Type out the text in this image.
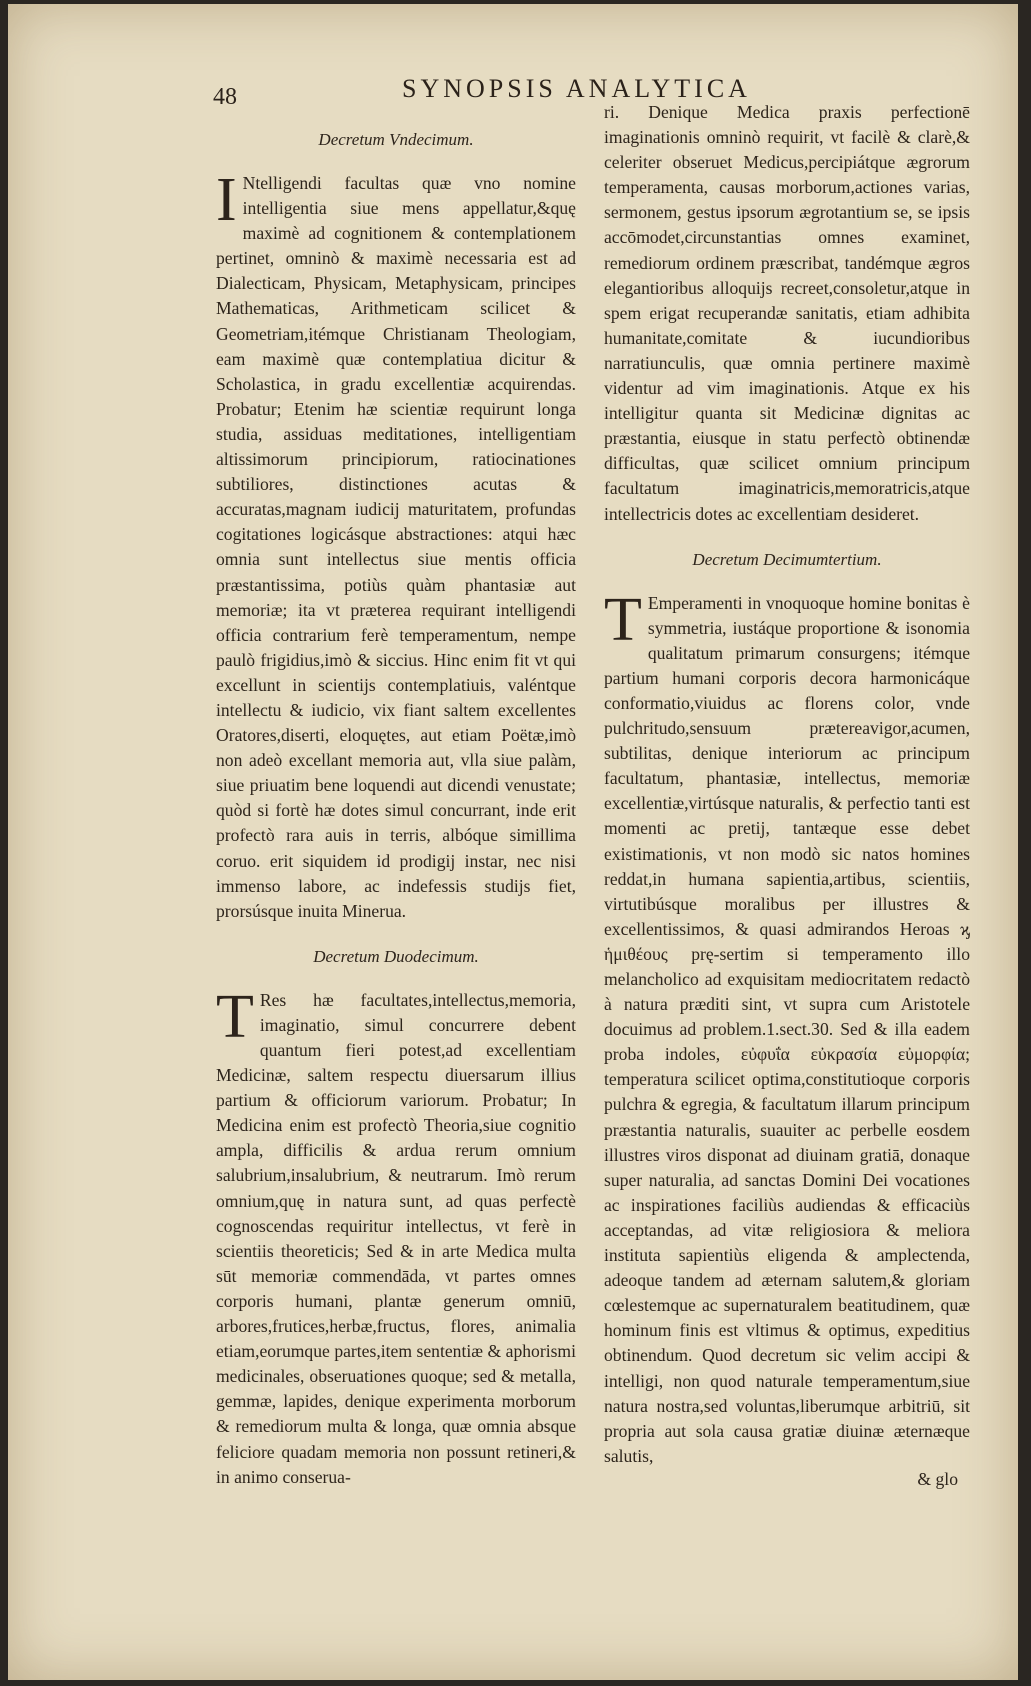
48	SYNOPSIS ANALYTICA
Decretum Vndecimum.

I Ntelligendi facultas quæ vno nomine intelligentia siue mens appellatur,&quę maximè ad cognitionem & contemplationem pertinet, omninò & maximè necessaria est ad Dialecticam, Physicam, Metaphysicam, principes Mathematicas, Arithmeticam scilicet & Geometriam,itémque Christianam Theologiam, eam maximè quæ contemplatiua dicitur & Scholastica, in gradu excellentiæ acquirendas. Probatur; Etenim hæ scientiæ requirunt longa studia, assiduas meditationes, intelligentiam altissimorum principiorum, ratiocinationes subtiliores, distinctiones acutas & accuratas,magnam iudicij maturitatem, profundas cogitationes logicásque abstractiones: atqui hæc omnia sunt intellectus siue mentis officia præstantissima, potiùs quàm phantasiæ aut memoriæ; ita vt præterea requirant intelligendi officia contrarium ferè temperamentum, nempe paulò frigidius,imò & siccius. Hinc enim fit vt qui excellunt in scientijs contemplatiuis, valéntque intellectu & iudicio, vix fiant saltem excellentes Oratores,diserti, eloquętes, aut etiam Poëtæ,imò non adeò excellant memoria aut, vlla siue palàm, siue priuatim bene loquendi aut dicendi venustate; quòd si fortè hæ dotes simul concurrant, inde erit profectò rara auis in terris, albóque simillima coruo. erit siquidem id prodigij instar, nec nisi immenso labore, ac indefessis studijs fiet, prorsúsque inuita Minerua.

Decretum Duodecimum.

T Res hæ facultates,intellectus,memoria, imaginatio, simul concurrere debent quantum fieri potest,ad excellentiam Medicinæ, saltem respectu diuersarum illius partium & officiorum variorum. Probatur; In Medicina enim est profectò Theoria,siue cognitio ampla, difficilis & ardua rerum omnium salubrium,insalubrium, & neutrarum. Imò rerum omnium,quę in natura sunt, ad quas perfectè cognoscendas requiritur intellectus, vt ferè in scientiis theoreticis; Sed & in arte Medica multa sūt memoriæ commendāda, vt partes omnes corporis humani, plantæ generum omniū, arbores,frutices,herbæ,fructus, flores, animalia etiam,eorumque partes,item sententiæ & aphorismi medicinales, obseruationes quoque; sed & metalla, gemmæ, lapides, denique experimenta morborum & remediorum multa & longa, quæ omnia absque feliciore quadam memoria non possunt retineri,& in animo conserua-

ri. Denique Medica praxis perfectionē imaginationis omninò requirit, vt facilè & clarè,& celeriter obseruet Medicus,percipiátque ægrorum temperamenta, causas morborum,actiones varias, sermonem, gestus ipsorum ægrotantium se, se ipsis accōmodet,circunstantias omnes examinet, remediorum ordinem præscribat, tandémque ægros elegantioribus alloquijs recreet,consoletur,atque in spem erigat recuperandæ sanitatis, etiam adhibita humanitate,comitate & iucundioribus narratiunculis, quæ omnia pertinere maximè videntur ad vim imaginationis. Atque ex his intelligitur quanta sit Medicinæ dignitas ac præstantia, eiusque in statu perfectò obtinendæ difficultas, quæ scilicet omnium principum facultatum imaginatricis,memoratricis,atque intellectricis dotes ac excellentiam desideret.

Decretum Decimumtertium.

T Emperamenti in vnoquoque homine bonitas è symmetria, iustáque proportione & isonomia qualitatum primarum consurgens; itémque partium humani corporis decora harmonicáque conformatio,viuidus ac florens color, vnde pulchritudo,sensuum prætereavigor,acumen, subtilitas, denique interiorum ac principum facultatum, phantasiæ, intellectus, memoriæ excellentiæ,virtúsque naturalis, & perfectio tanti est momenti ac pretij, tantæque esse debet existimationis, vt non modò sic natos homines reddat,in humana sapientia,artibus, scientiis, virtutibúsque moralibus per illustres & excellentissimos, & quasi admirandos Heroas ϗ ἡμιθέους prę-sertim si temperamento illo melancholico ad exquisitam mediocritatem redactò à natura præditi sint, vt supra cum Aristotele docuimus ad problem.1.sect.30. Sed & illa eadem proba indoles, εὐφυΐα εὐκρασία εὐμορφία; temperatura scilicet optima,constitutioque corporis pulchra & egregia, & facultatum illarum principum præstantia naturalis, suauiter ac perbelle eosdem illustres viros disponat ad diuinam gratiā, donaque super naturalia, ad sanctas Domini Dei vocationes ac inspirationes faciliùs audiendas & efficaciùs acceptandas, ad vitæ religiosiora & meliora instituta sapientiùs eligenda & amplectenda, adeoque tandem ad æternam salutem,& gloriam cœlestemque ac supernaturalem beatitudinem, quæ hominum finis est vltimus & optimus, expeditius obtinendum. Quod decretum sic velim accipi & intelligi, non quod naturale temperamentum,siue natura nostra,sed voluntas,liberumque arbitriū, sit propria aut sola causa gratiæ diuinæ æternæque salutis,

& glo
